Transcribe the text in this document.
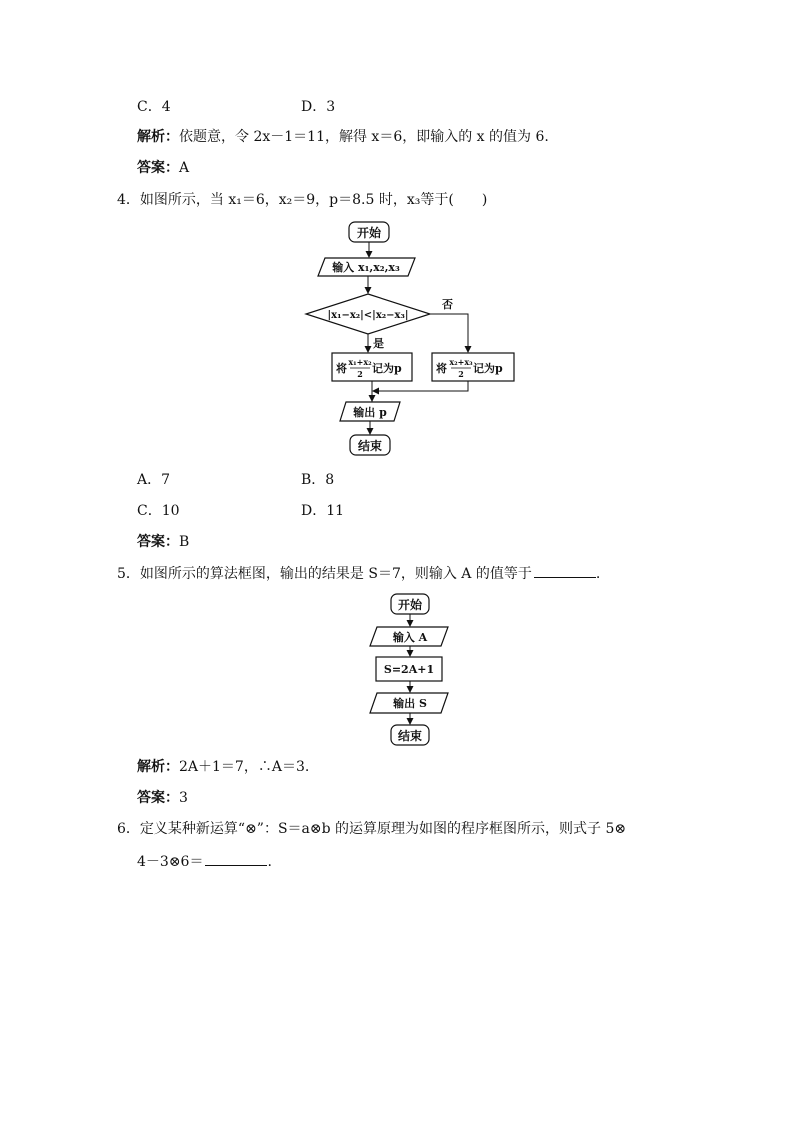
C．4	D．3
解析：依题意，令 2x－1＝11，解得 x＝6，即输入的 x 的值为 6.
答案：A
4．如图所示，当 x₁＝6，x₂＝9，p＝8.5 时，x₃等于(　　)
开始
输入 x₁,x₂,x₃
|x₁−x₂|<|x₂−x₃|
否
是
将 x₁+x₂
2 记为p	将 x₂+x₃
2 记为p
输出 p
结束
A．7	B．8
C．10	D．11
答案：B
5．如图所示的算法框图，输出的结果是 S＝7，则输入 A 的值等于	.
开始
输入 A
S=2A+1
输出 S
结束
解析：2A＋1＝7，∴A＝3.
答案：3
6．定义某种新运算“⊗”：S＝a⊗b 的运算原理为如图的程序框图所示，则式子 5⊗
4－3⊗6＝	.
